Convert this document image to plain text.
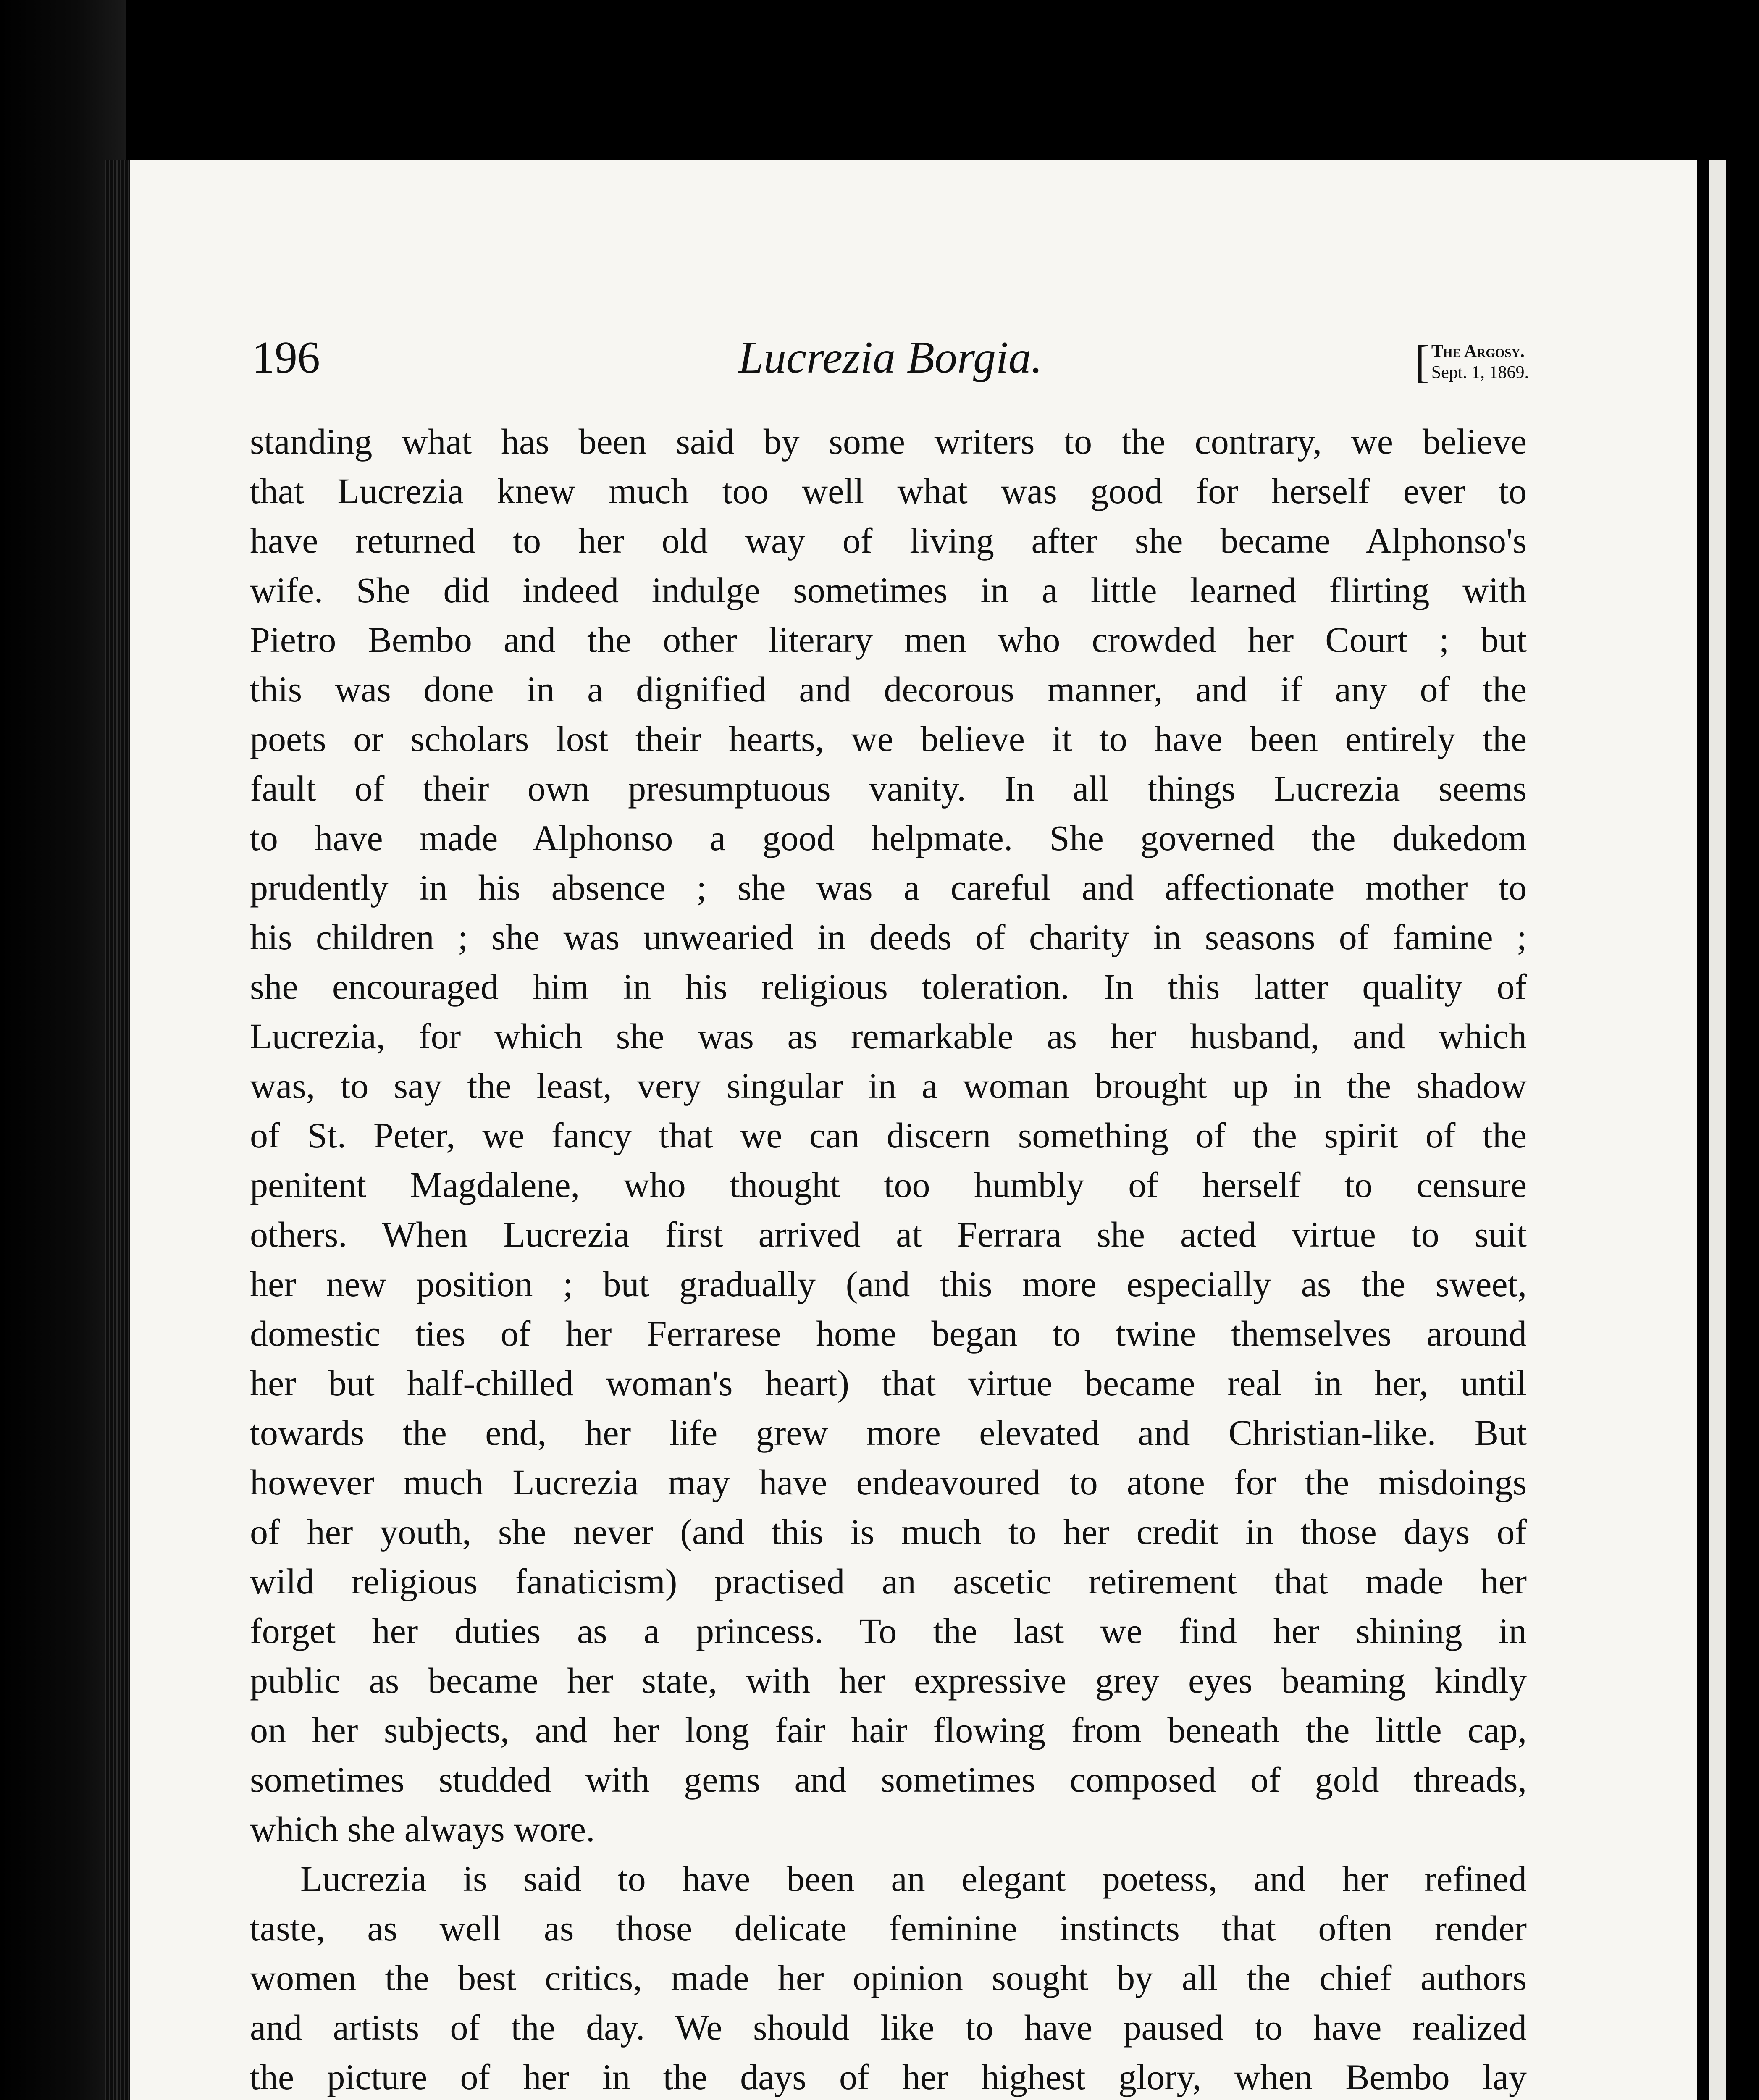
196	Lucrezia Borgia.	[ The Argosy.
Sept. 1, 1869.
standing what has been said by some writers to the contrary, we believe
that Lucrezia knew much too well what was good for herself ever to
have returned to her old way of living after she became Alphonso's
wife. She did indeed indulge sometimes in a little learned flirting with
Pietro Bembo and the other literary men who crowded her Court ; but
this was done in a dignified and decorous manner, and if any of the
poets or scholars lost their hearts, we believe it to have been entirely the
fault of their own presumptuous vanity. In all things Lucrezia seems
to have made Alphonso a good helpmate. She governed the dukedom
prudently in his absence ; she was a careful and affectionate mother to
his children ; she was unwearied in deeds of charity in seasons of famine ;
she encouraged him in his religious toleration. In this latter quality of
Lucrezia, for which she was as remarkable as her husband, and which
was, to say the least, very singular in a woman brought up in the shadow
of St. Peter, we fancy that we can discern something of the spirit of the
penitent Magdalene, who thought too humbly of herself to censure
others. When Lucrezia first arrived at Ferrara she acted virtue to suit
her new position ; but gradually (and this more especially as the sweet,
domestic ties of her Ferrarese home began to twine themselves around
her but half-chilled woman's heart) that virtue became real in her, until
towards the end, her life grew more elevated and Christian-like. But
however much Lucrezia may have endeavoured to atone for the misdoings
of her youth, she never (and this is much to her credit in those days of
wild religious fanaticism) practised an ascetic retirement that made her
forget her duties as a princess. To the last we find her shining in
public as became her state, with her expressive grey eyes beaming kindly
on her subjects, and her long fair hair flowing from beneath the little cap,
sometimes studded with gems and sometimes composed of gold threads,
which she always wore.
Lucrezia is said to have been an elegant poetess, and her refined
taste, as well as those delicate feminine instincts that often render
women the best critics, made her opinion sought by all the chief authors
and artists of the day. We should like to have paused to have realized
the picture of her in the days of her highest glory, when Bembo lay
